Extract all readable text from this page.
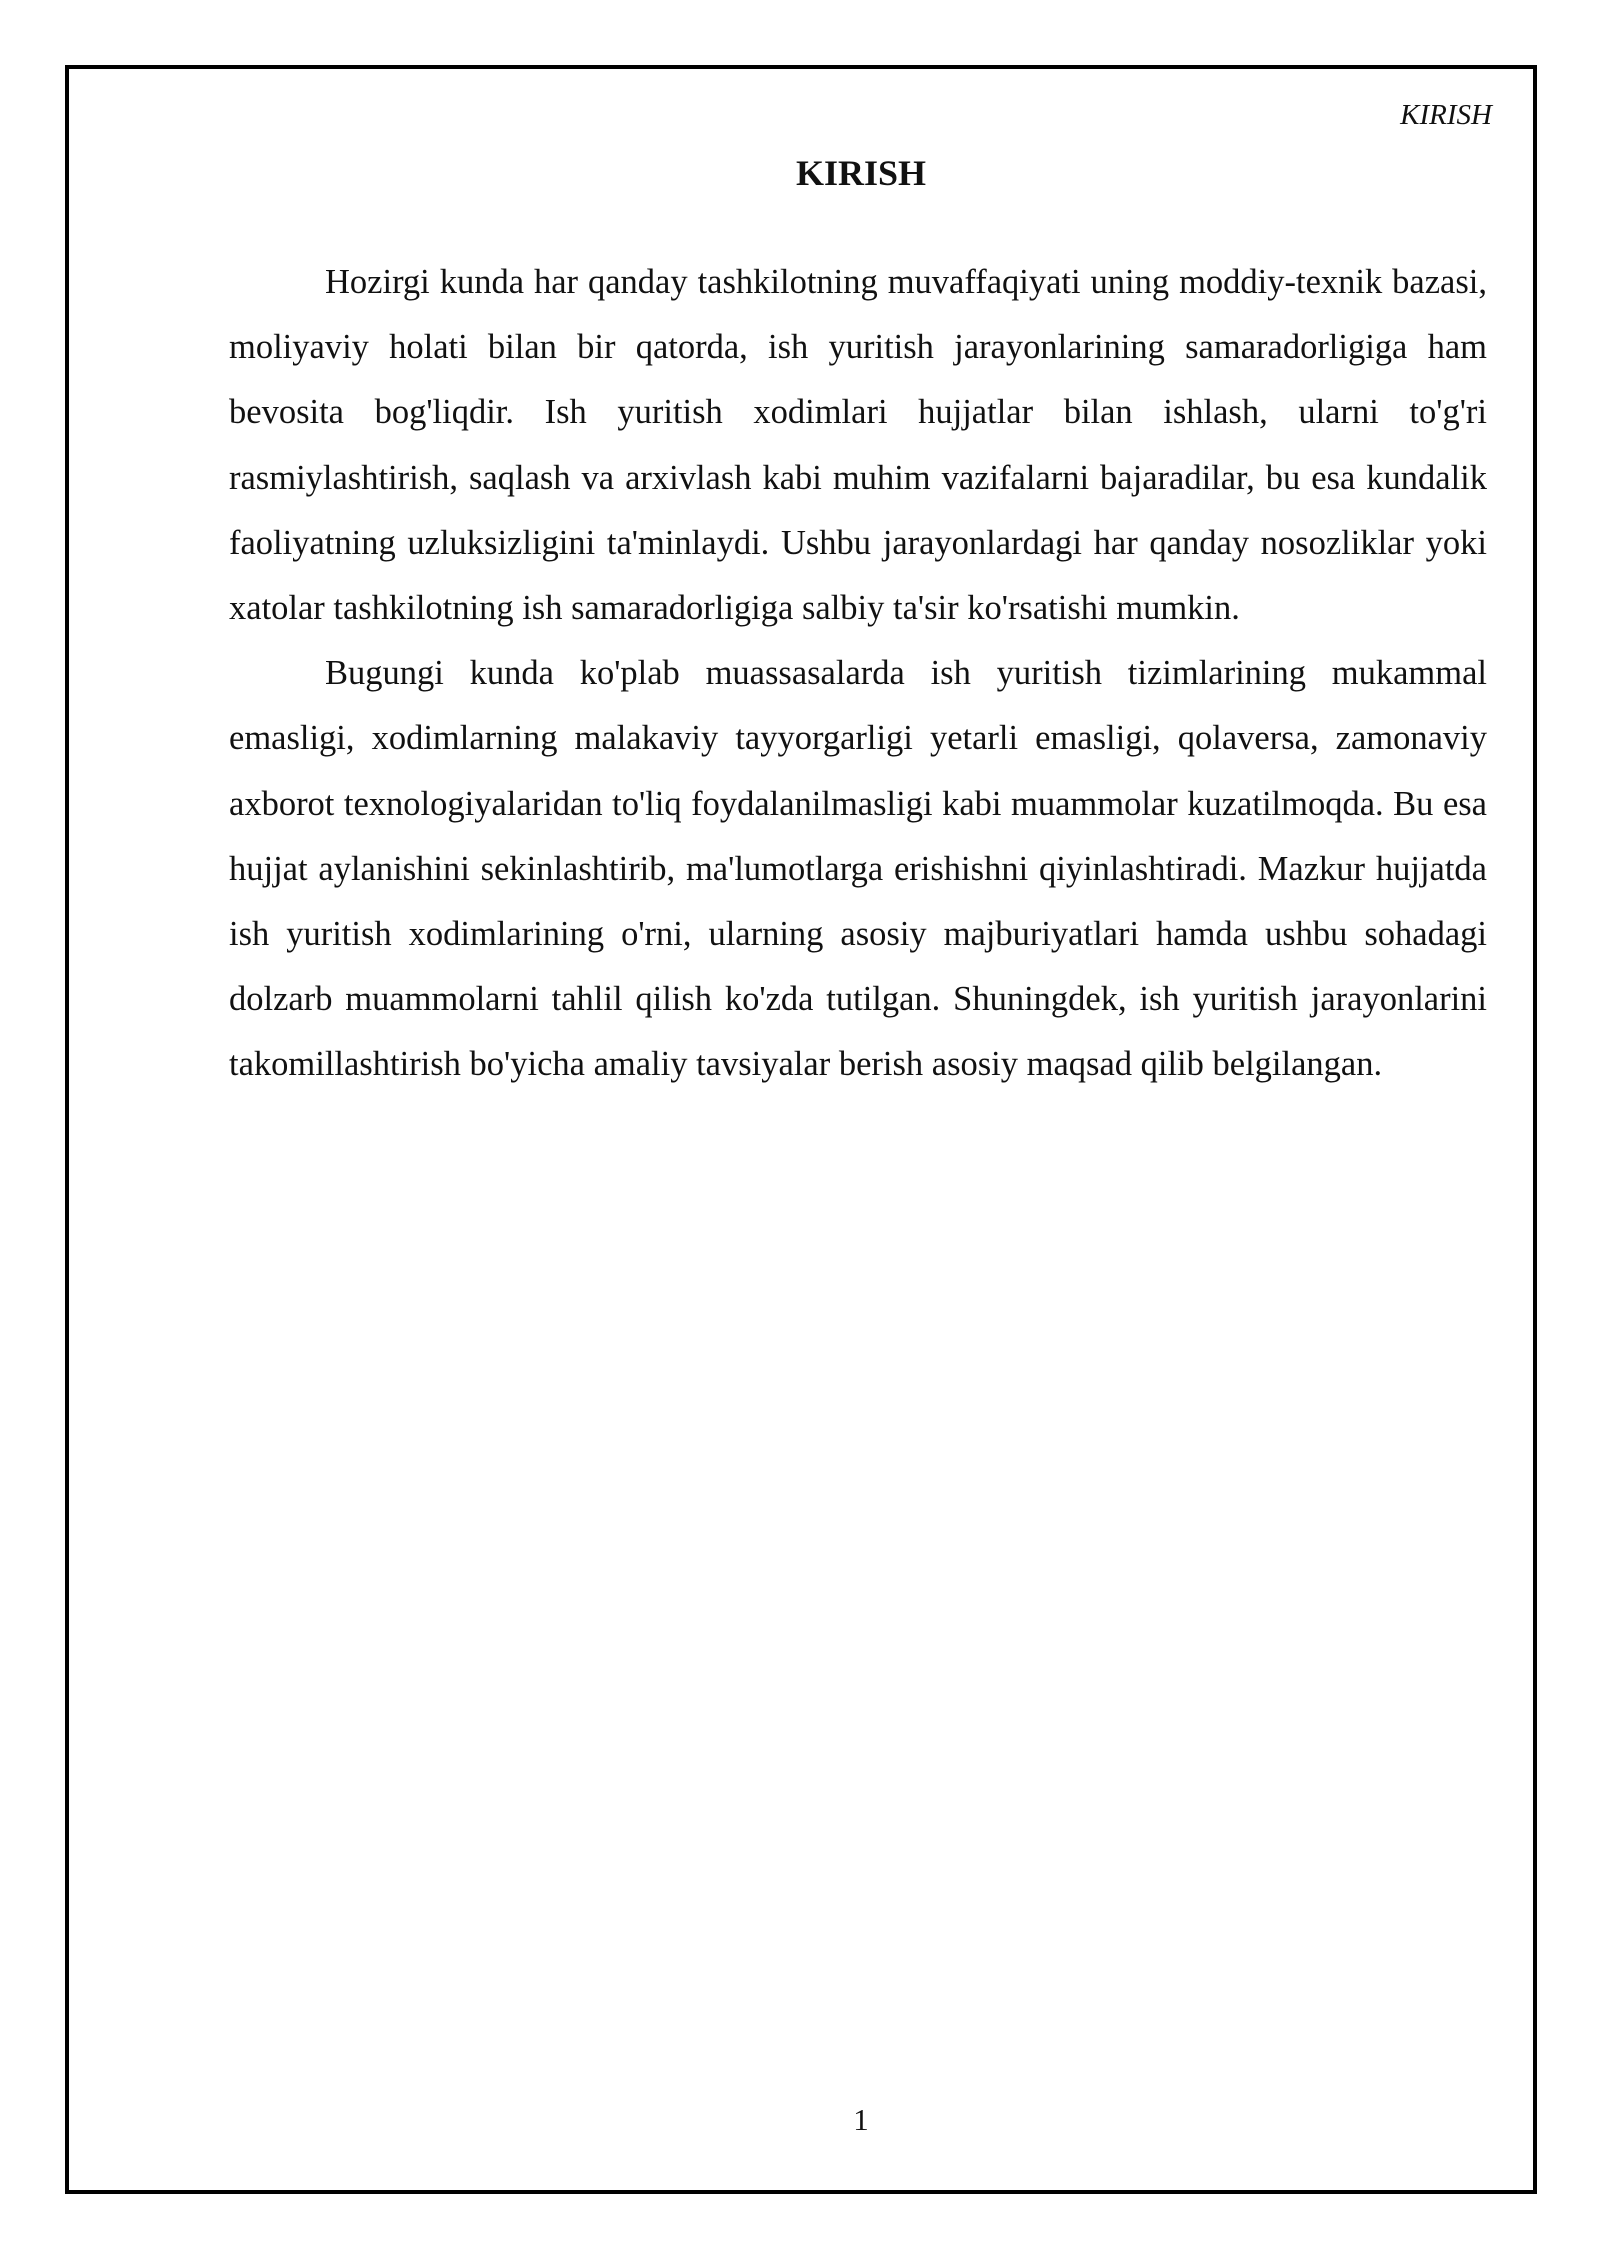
KIRISH
KIRISH

Hozirgi kunda har qanday tashkilotning muvaffaqiyati uning moddiy-texnik bazasi, moliyaviy holati bilan bir qatorda, ish yuritish jarayonlarining samaradorligiga ham bevosita bog'liqdir. Ish yuritish xodimlari hujjatlar bilan ishlash, ularni to'g'ri rasmiylashtirish, saqlash va arxivlash kabi muhim vazifalarni bajaradilar, bu esa kundalik faoliyatning uzluksizligini ta'minlaydi. Ushbu jarayonlardagi har qanday nosozliklar yoki xatolar tashkilotning ish samaradorligiga salbiy ta'sir ko'rsatishi mumkin.

Bugungi kunda ko'plab muassasalarda ish yuritish tizimlarining mukammal emasligi, xodimlarning malakaviy tayyorgarligi yetarli emasligi, qolaversa, zamonaviy axborot texnologiyalaridan to'liq foydalanilmasligi kabi muammolar kuzatilmoqda. Bu esa hujjat aylanishini sekinlashtirib, ma'lumotlarga erishishni qiyinlashtiradi. Mazkur hujjatda ish yuritish xodimlarining o'rni, ularning asosiy majburiyatlari hamda ushbu sohadagi dolzarb muammolarni tahlil qilish ko'zda tutilgan. Shuningdek, ish yuritish jarayonlarini takomillashtirish bo'yicha amaliy tavsiyalar berish asosiy maqsad qilib belgilangan.

1
